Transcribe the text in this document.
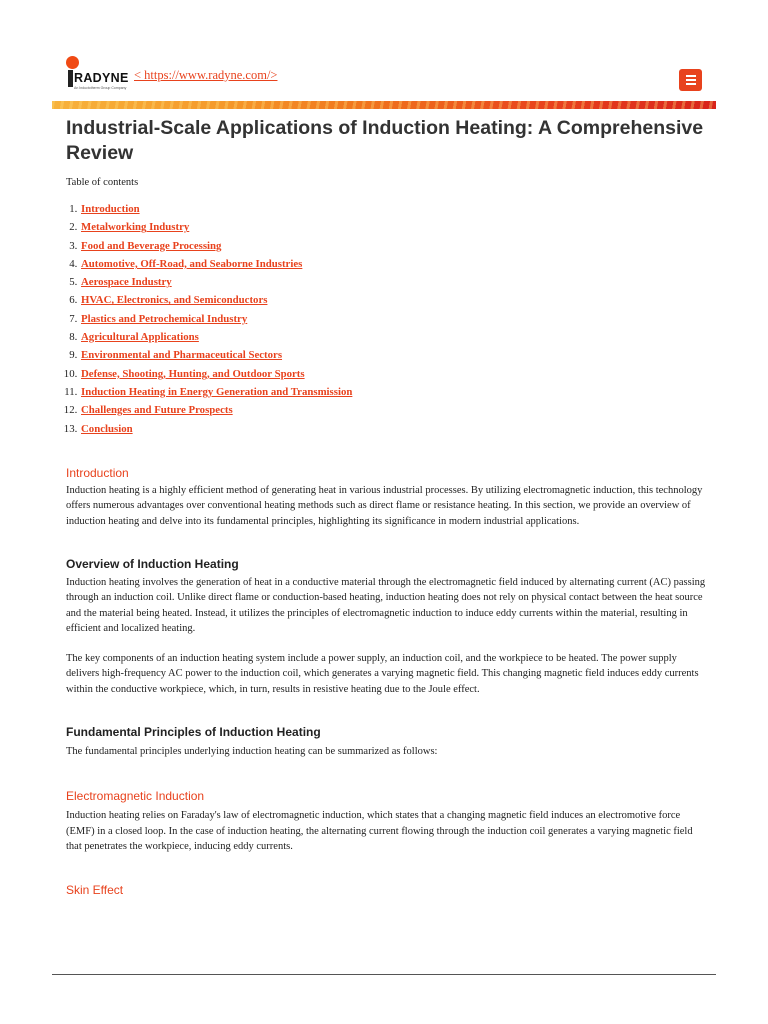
RADYNE
An Inductotherm Group Company
< https://www.radyne.com/>
Industrial-Scale Applications of Induction Heating: A Comprehensive Review
Table of contents
1. Introduction
2. Metalworking Industry
3. Food and Beverage Processing
4. Automotive, Off-Road, and Seaborne Industries
5. Aerospace Industry
6. HVAC, Electronics, and Semiconductors
7. Plastics and Petrochemical Industry
8. Agricultural Applications
9. Environmental and Pharmaceutical Sectors
10. Defense, Shooting, Hunting, and Outdoor Sports
11. Induction Heating in Energy Generation and Transmission
12. Challenges and Future Prospects
13. Conclusion
Introduction

Induction heating is a highly efficient method of generating heat in various industrial processes. By utilizing electromagnetic induction, this technology offers numerous advantages over conventional heating methods such as direct flame or resistance heating. In this section, we provide an overview of induction heating and delve into its fundamental principles, highlighting its significance in modern industrial applications.

Overview of Induction Heating

Induction heating involves the generation of heat in a conductive material through the electromagnetic field induced by alternating current (AC) passing through an induction coil. Unlike direct flame or conduction-based heating, induction heating does not rely on physical contact between the heat source and the material being heated. Instead, it utilizes the principles of electromagnetic induction to induce eddy currents within the material, resulting in efficient and localized heating.

The key components of an induction heating system include a power supply, an induction coil, and the workpiece to be heated. The power supply delivers high-frequency AC power to the induction coil, which generates a varying magnetic field. This changing magnetic field induces eddy currents within the conductive workpiece, which, in turn, results in resistive heating due to the Joule effect.

Fundamental Principles of Induction Heating

The fundamental principles underlying induction heating can be summarized as follows:

Electromagnetic Induction

Induction heating relies on Faraday's law of electromagnetic induction, which states that a changing magnetic field induces an electromotive force (EMF) in a closed loop. In the case of induction heating, the alternating current flowing through the induction coil generates a varying magnetic field that penetrates the workpiece, inducing eddy currents.

Skin Effect
